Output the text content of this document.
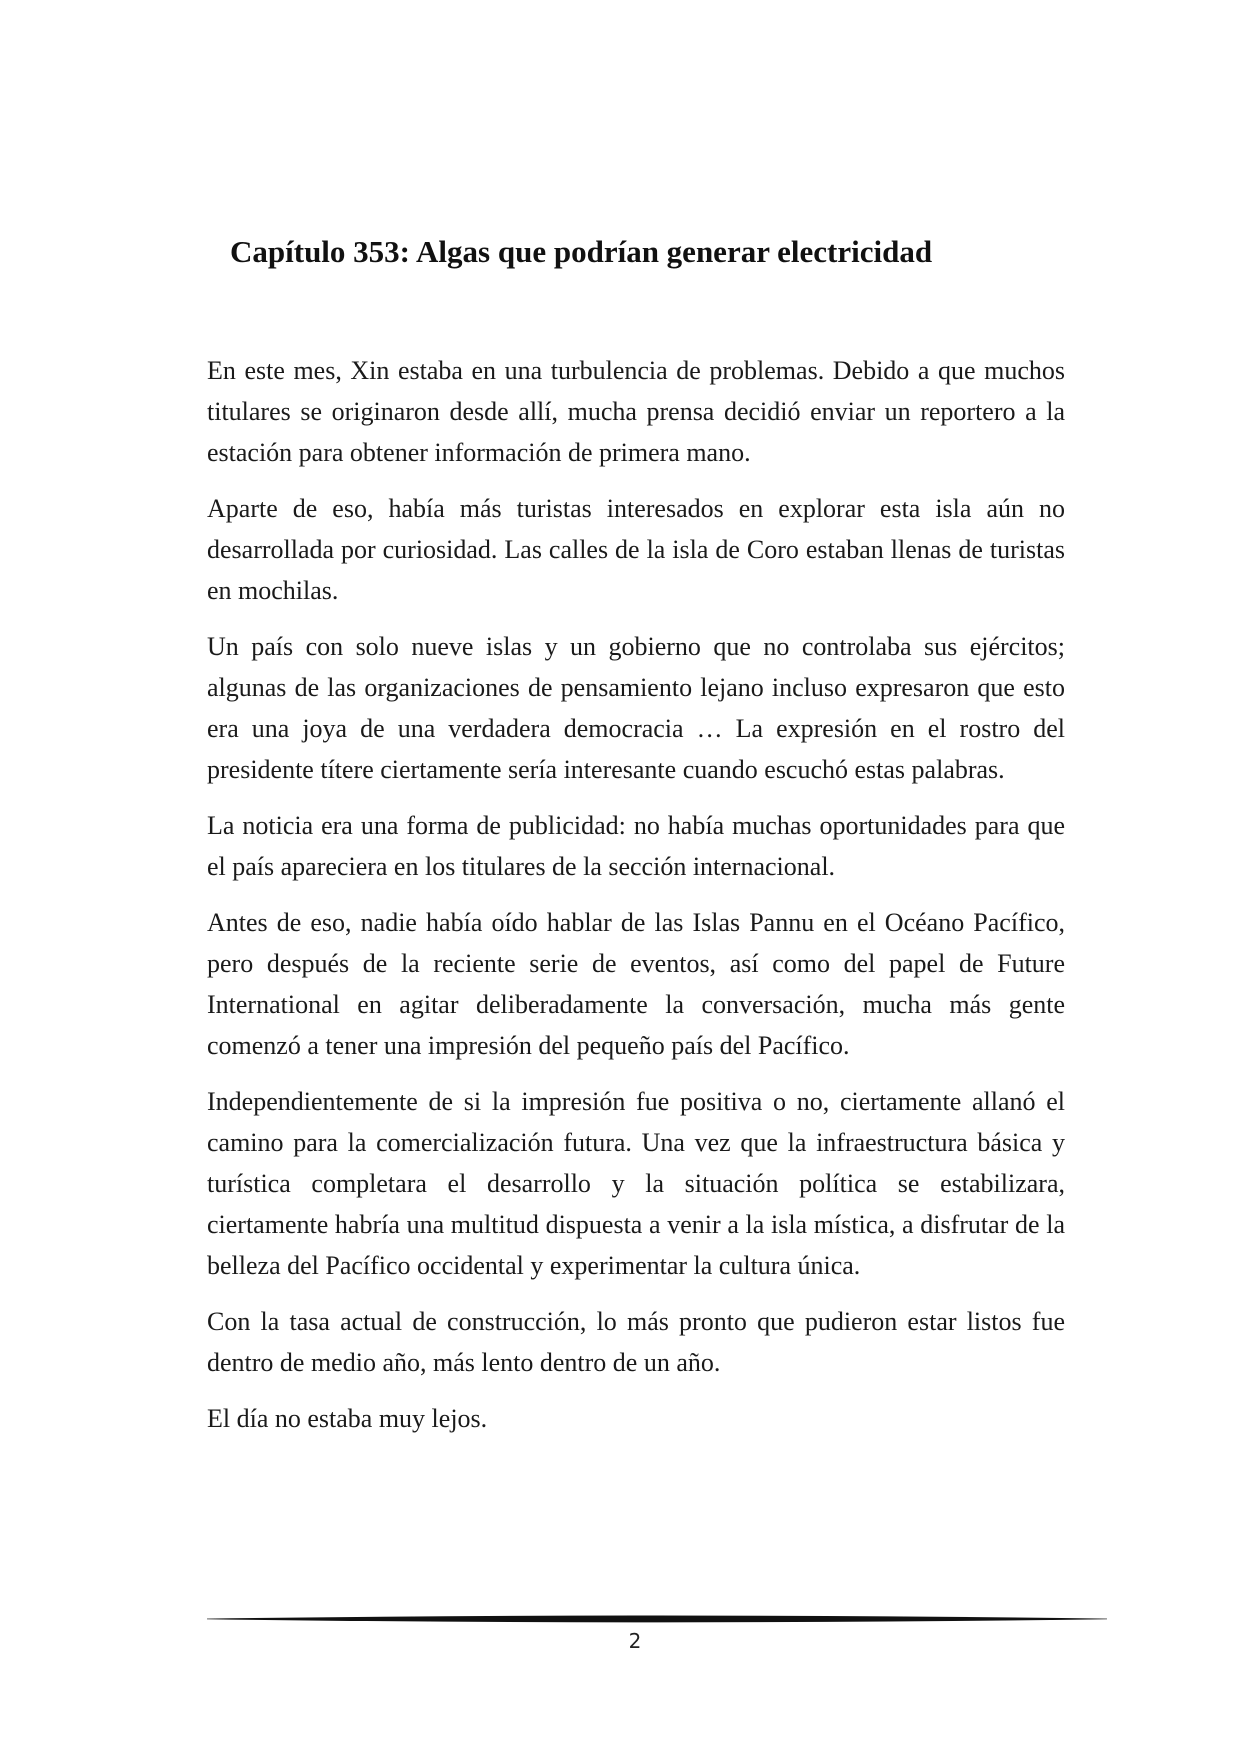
Capítulo 353: Algas que podrían generar electricidad

En este mes, Xin estaba en una turbulencia de problemas. Debido a que muchos titulares se originaron desde allí, mucha prensa decidió enviar un reportero a la estación para obtener información de primera mano.

Aparte de eso, había más turistas interesados en explorar esta isla aún no desarrollada por curiosidad. Las calles de la isla de Coro estaban llenas de turistas en mochilas.

Un país con solo nueve islas y un gobierno que no controlaba sus ejércitos; algunas de las organizaciones de pensamiento lejano incluso expresaron que esto era una joya de una verdadera democracia … La expresión en el rostro del presidente títere ciertamente sería interesante cuando escuchó estas palabras.

La noticia era una forma de publicidad: no había muchas oportunidades para que el país apareciera en los titulares de la sección internacional.

Antes de eso, nadie había oído hablar de las Islas Pannu en el Océano Pacífico, pero después de la reciente serie de eventos, así como del papel de Future International en agitar deliberadamente la conversación, mucha más gente comenzó a tener una impresión del pequeño país del Pacífico.

Independientemente de si la impresión fue positiva o no, ciertamente allanó el camino para la comercialización futura. Una vez que la infraestructura básica y turística completara el desarrollo y la situación política se estabilizara, ciertamente habría una multitud dispuesta a venir a la isla mística, a disfrutar de la belleza del Pacífico occidental y experimentar la cultura única.

Con la tasa actual de construcción, lo más pronto que pudieron estar listos fue dentro de medio año, más lento dentro de un año.

El día no estaba muy lejos.

2
